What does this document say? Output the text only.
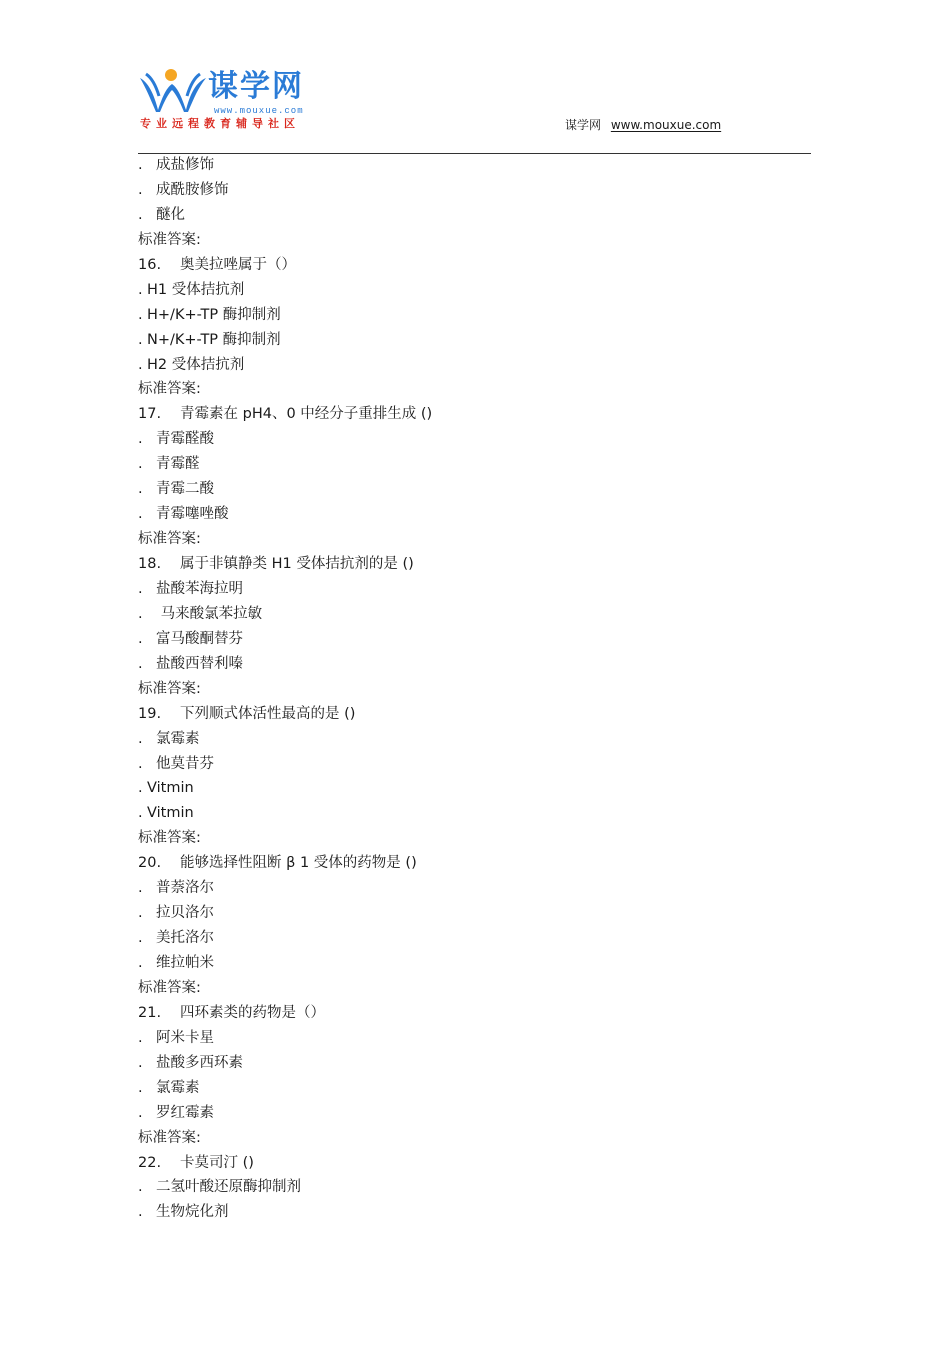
谋学网
www.mouxue.com
专业远程教育辅导社区	谋学网 www.mouxue.com
. 成盐修饰
. 成酰胺修饰
. 醚化
标准答案:
16. 奥美拉唑属于（）
. H1 受体拮抗剂
. H+/K+-TP 酶抑制剂
. N+/K+-TP 酶抑制剂
. H2 受体拮抗剂
标准答案:
17. 青霉素在 pH4、0 中经分子重排生成 ()
. 青霉醛酸
. 青霉醛
. 青霉二酸
. 青霉噻唑酸
标准答案:
18. 属于非镇静类 H1 受体拮抗剂的是 ()
. 盐酸苯海拉明
. 马来酸氯苯拉敏
. 富马酸酮替芬
. 盐酸西替利嗪
标准答案:
19. 下列顺式体活性最高的是 ()
. 氯霉素
. 他莫昔芬
. Vitmin
. Vitmin
标准答案:
20. 能够选择性阻断 β 1 受体的药物是 ()
. 普萘洛尔
. 拉贝洛尔
. 美托洛尔
. 维拉帕米
标准答案:
21. 四环素类的药物是（）
. 阿米卡星
. 盐酸多西环素
. 氯霉素
. 罗红霉素
标准答案:
22. 卡莫司汀 ()
. 二氢叶酸还原酶抑制剂
. 生物烷化剂
